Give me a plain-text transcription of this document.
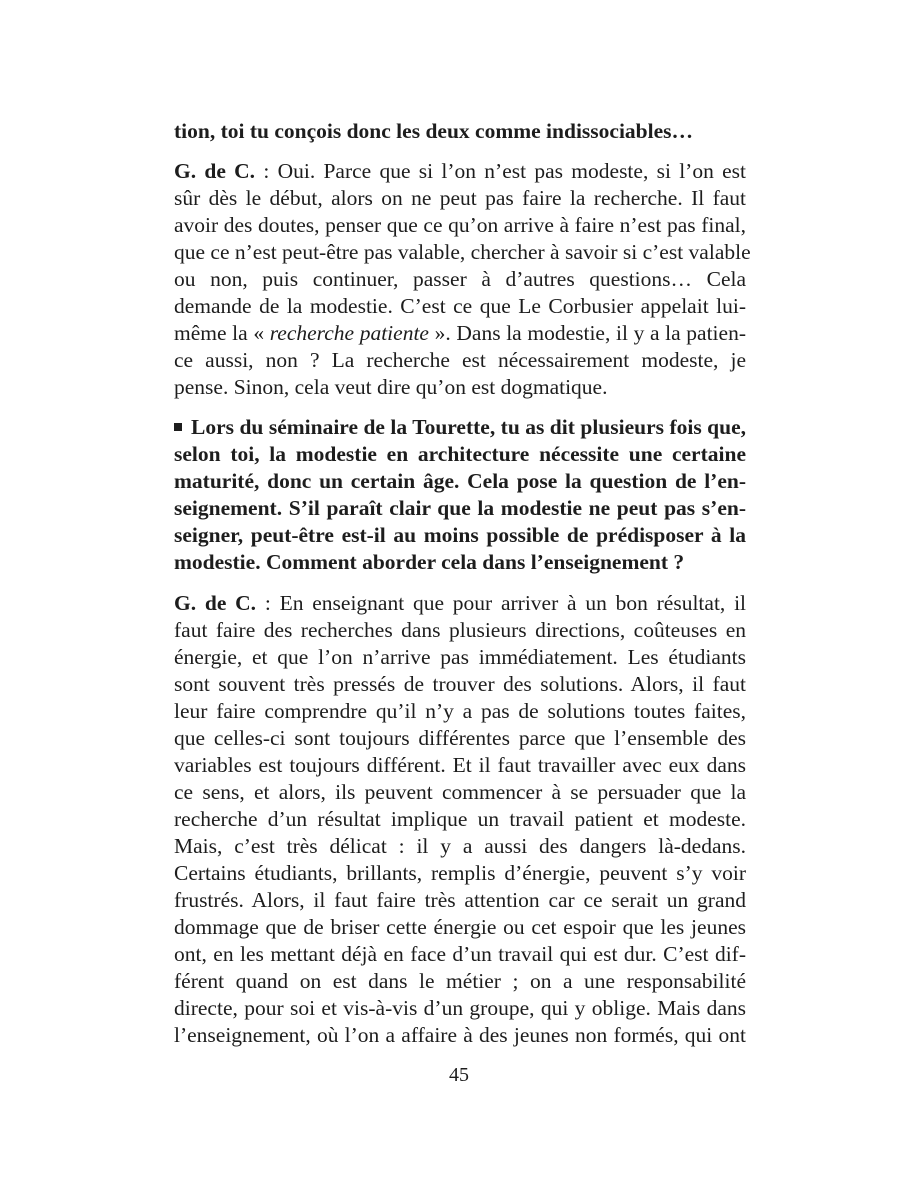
tion, toi tu conçois donc les deux comme indissociables…
G. de C. : Oui. Parce que si l’on n’est pas modeste, si l’on est
sûr dès le début, alors on ne peut pas faire la recherche. Il faut
avoir des doutes, penser que ce qu’on arrive à faire n’est pas final,
que ce n’est peut-être pas valable, chercher à savoir si c’est valable
ou non, puis continuer, passer à d’autres questions… Cela
demande de la modestie. C’est ce que Le Corbusier appelait lui-
même la « recherche patiente ». Dans la modestie, il y a la patien-
ce aussi, non ? La recherche est nécessairement modeste, je
pense. Sinon, cela veut dire qu’on est dogmatique.
Lors du séminaire de la Tourette, tu as dit plusieurs fois que,
selon toi, la modestie en architecture nécessite une certaine
maturité, donc un certain âge. Cela pose la question de l’en-
seignement. S’il paraît clair que la modestie ne peut pas s’en-
seigner, peut-être est-il au moins possible de prédisposer à la
modestie. Comment aborder cela dans l’enseignement ?
G. de C. : En enseignant que pour arriver à un bon résultat, il
faut faire des recherches dans plusieurs directions, coûteuses en
énergie, et que l’on n’arrive pas immédiatement. Les étudiants
sont souvent très pressés de trouver des solutions. Alors, il faut
leur faire comprendre qu’il n’y a pas de solutions toutes faites,
que celles-ci sont toujours différentes parce que l’ensemble des
variables est toujours différent. Et il faut travailler avec eux dans
ce sens, et alors, ils peuvent commencer à se persuader que la
recherche d’un résultat implique un travail patient et modeste.
Mais, c’est très délicat : il y a aussi des dangers là-dedans.
Certains étudiants, brillants, remplis d’énergie, peuvent s’y voir
frustrés. Alors, il faut faire très attention car ce serait un grand
dommage que de briser cette énergie ou cet espoir que les jeunes
ont, en les mettant déjà en face d’un travail qui est dur. C’est dif-
férent quand on est dans le métier ; on a une responsabilité
directe, pour soi et vis-à-vis d’un groupe, qui y oblige. Mais dans
l’enseignement, où l’on a affaire à des jeunes non formés, qui ont
45
